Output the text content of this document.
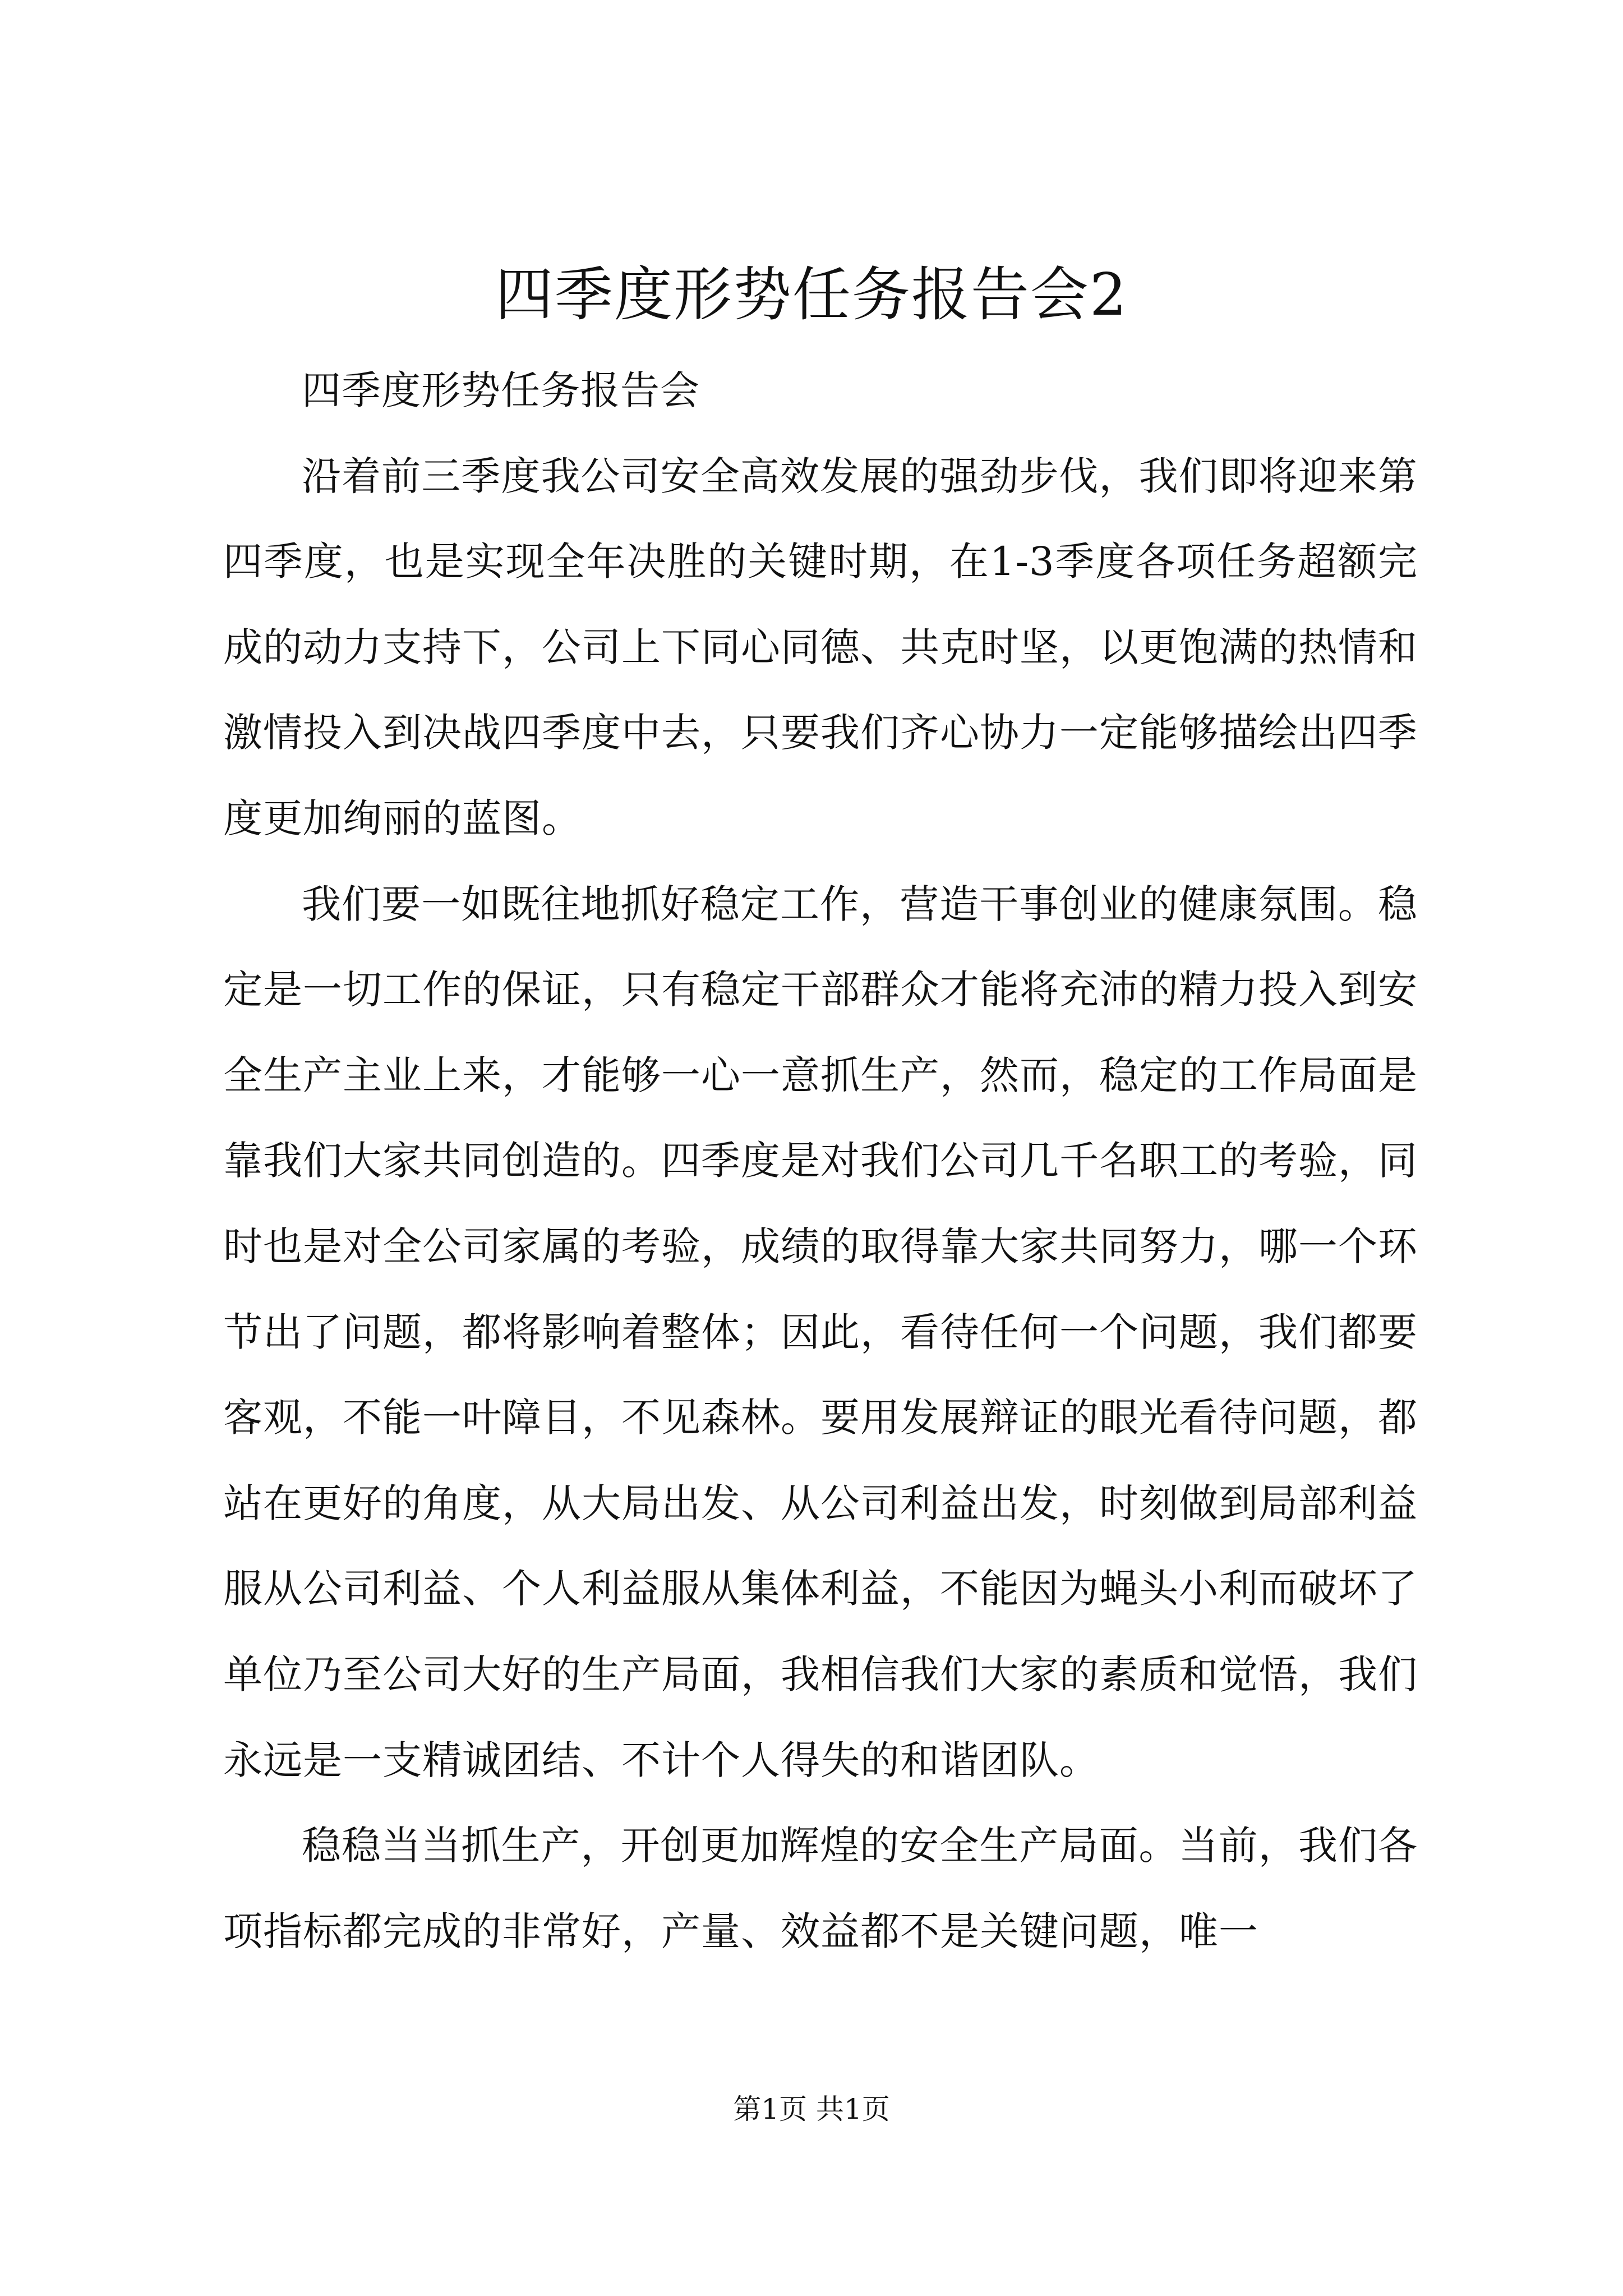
四季度形势任务报告会2

四季度形势任务报告会

沿着前三季度我公司安全高效发展的强劲步伐，我们即将迎来第四季度，也是实现全年决胜的关键时期，在1-3季度各项任务超额完成的动力支持下，公司上下同心同德、共克时坚，以更饱满的热情和激情投入到决战四季度中去，只要我们齐心协力一定能够描绘出四季度更加绚丽的蓝图。

我们要一如既往地抓好稳定工作，营造干事创业的健康氛围。稳定是一切工作的保证，只有稳定干部群众才能将充沛的精力投入到安全生产主业上来，才能够一心一意抓生产，然而，稳定的工作局面是靠我们大家共同创造的。四季度是对我们公司几千名职工的考验，同时也是对全公司家属的考验，成绩的取得靠大家共同努力，哪一个环节出了问题，都将影响着整体；因此，看待任何一个问题，我们都要客观，不能一叶障目，不见森林。要用发展辩证的眼光看待问题，都站在更好的角度，从大局出发、从公司利益出发，时刻做到局部利益服从公司利益、个人利益服从集体利益，不能因为蝇头小利而破坏了单位乃至公司大好的生产局面，我相信我们大家的素质和觉悟，我们永远是一支精诚团结、不计个人得失的和谐团队。

稳稳当当抓生产，开创更加辉煌的安全生产局面。当前，我们各项指标都完成的非常好，产量、效益都不是关键问题，唯一

第1页 共1页
